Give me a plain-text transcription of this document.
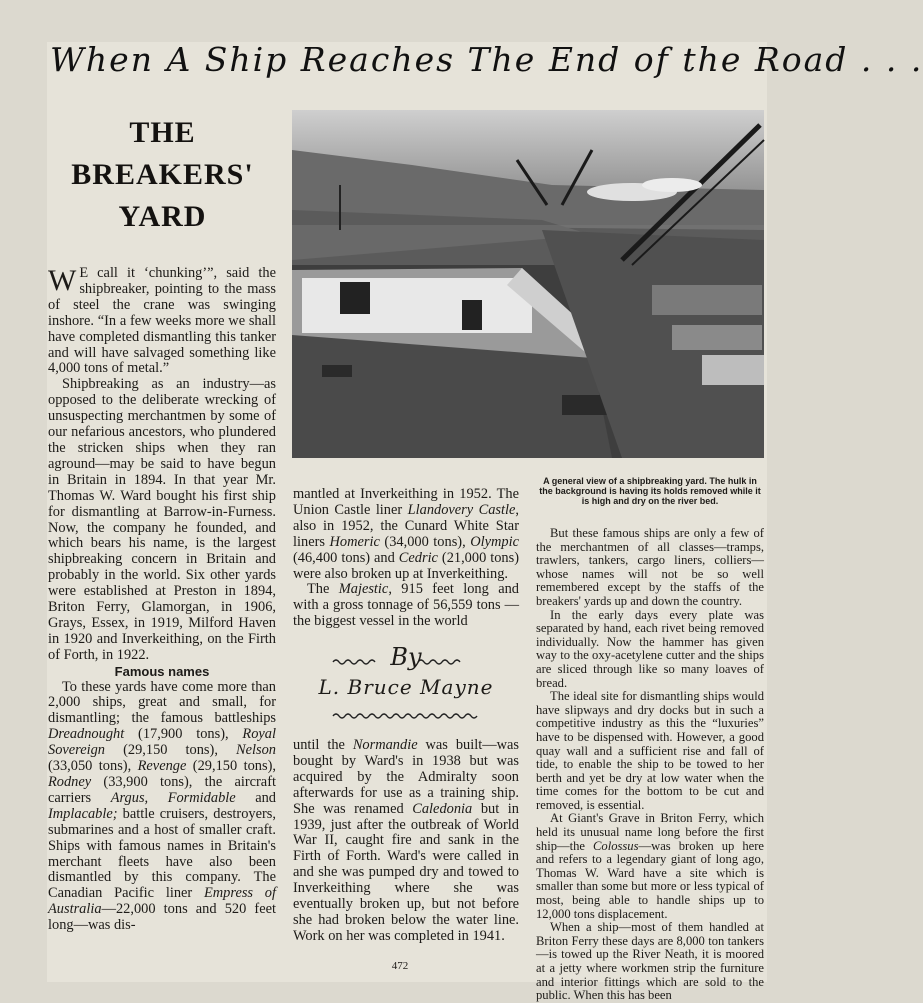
When A Ship Reaches The End of the Road . . .
THE
BREAKERS'
YARD

W E call it ‘chunking’”, said the shipbreaker, pointing to the mass of steel the crane was swinging inshore. “In a few weeks more we shall have completed dismantling this tanker and will have salvaged something like 4,000 tons of metal.”

Shipbreaking as an industry—as opposed to the deliberate wrecking of unsuspecting merchantmen by some of our nefarious ancestors, who plundered the stricken ships when they ran aground—may be said to have begun in Britain in 1894. In that year Mr. Thomas W. Ward bought his first ship for dismantling at Barrow-in-Furness. Now, the company he founded, and which bears his name, is the largest shipbreaking concern in Britain and probably in the world. Six other yards were established at Preston in 1894, Briton Ferry, Glamorgan, in 1906, Grays, Essex, in 1919, Milford Haven in 1920 and Inverkeithing, on the Firth of Forth, in 1922.

Famous names

To these yards have come more than 2,000 ships, great and small, for dismantling; the famous battleships Dreadnought (17,900 tons), Royal Sovereign (29,150 tons), Nelson (33,050 tons), Revenge (29,150 tons), Rodney (33,900 tons), the aircraft carriers Argus, Formidable and Implacable; battle cruisers, destroyers, submarines and a host of smaller craft. Ships with famous names in Britain's merchant fleets have also been dismantled by this company. The Canadian Pacific liner Empress of Australia—22,000 tons and 520 feet long—was dis-

A general view of a shipbreaking yard. The hulk in the background is having its holds removed while it is high and dry on the river bed.

mantled at Inverkeithing in 1952. The Union Castle liner Llandovery Castle, also in 1952, the Cunard White Star liners Homeric (34,000 tons), Olympic (46,400 tons) and Cedric (21,000 tons) were also broken up at Inverkeithing.

The Majestic, 915 feet long and with a gross tonnage of 56,559 tons —the biggest vessel in the world

By
L. Bruce Mayne

until the Normandie was built—was bought by Ward's in 1938 but was acquired by the Admiralty soon afterwards for use as a training ship. She was renamed Caledonia but in 1939, just after the outbreak of World War II, caught fire and sank in the Firth of Forth. Ward's were called in and she was pumped dry and towed to Inverkeithing where she was eventually broken up, but not before she had broken below the water line. Work on her was completed in 1941.

But these famous ships are only a few of the merchantmen of all classes—tramps, trawlers, tankers, cargo liners, colliers—whose names will not be so well remembered except by the staffs of the breakers' yards up and down the country.

In the early days every plate was separated by hand, each rivet being removed individually. Now the hammer has given way to the oxy-acetylene cutter and the ships are sliced through like so many loaves of bread.

The ideal site for dismantling ships would have slipways and dry docks but in such a competitive industry as this the “luxuries” have to be dispensed with. However, a good quay wall and a sufficient rise and fall of tide, to enable the ship to be towed to her berth and yet be dry at low water when the time comes for the bottom to be cut and removed, is essential.

At Giant's Grave in Briton Ferry, which held its unusual name long before the first ship—the Colossus—was broken up here and refers to a legendary giant of long ago, Thomas W. Ward have a site which is smaller than some but more or less typical of most, being able to handle ships up to 12,000 tons displacement.

When a ship—most of them handled at Briton Ferry these days are 8,000 ton tankers—is towed up the River Neath, it is moored at a jetty where workmen strip the furniture and interior fittings which are sold to the public. When this has been

472
